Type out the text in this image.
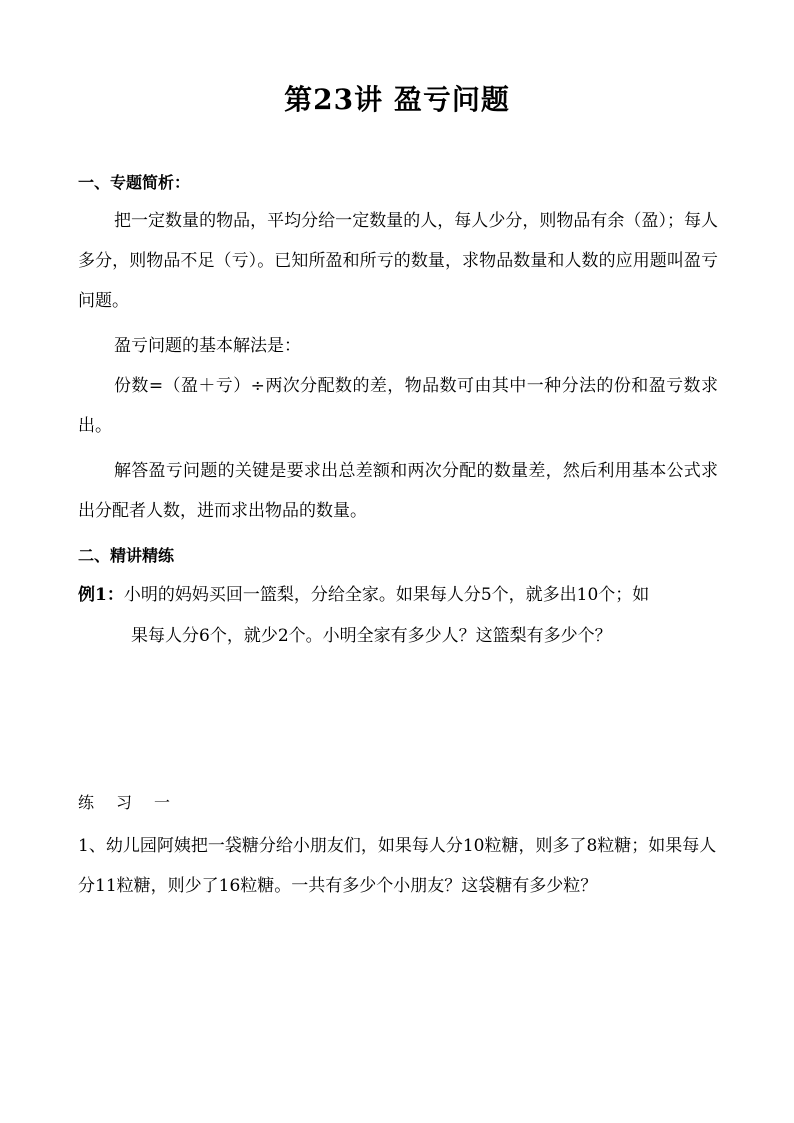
第23讲 盈亏问题
一、专题简析：
把一定数量的物品，平均分给一定数量的人，每人少分，则物品有余（盈）；每人多分，则物品不足（亏）。已知所盈和所亏的数量，求物品数量和人数的应用题叫盈亏问题。
盈亏问题的基本解法是：
份数=（盈＋亏）÷两次分配数的差，物品数可由其中一种分法的份和盈亏数求出。
解答盈亏问题的关键是要求出总差额和两次分配的数量差，然后利用基本公式求出分配者人数，进而求出物品的数量。
二、精讲精练
例1：小明的妈妈买回一篮梨，分给全家。如果每人分5个，就多出10个；如
果每人分6个，就少2个。小明全家有多少人？这篮梨有多少个？
练习一
1、幼儿园阿姨把一袋糖分给小朋友们，如果每人分10粒糖，则多了8粒糖；如果每人分11粒糖，则少了16粒糖。一共有多少个小朋友？这袋糖有多少粒？
